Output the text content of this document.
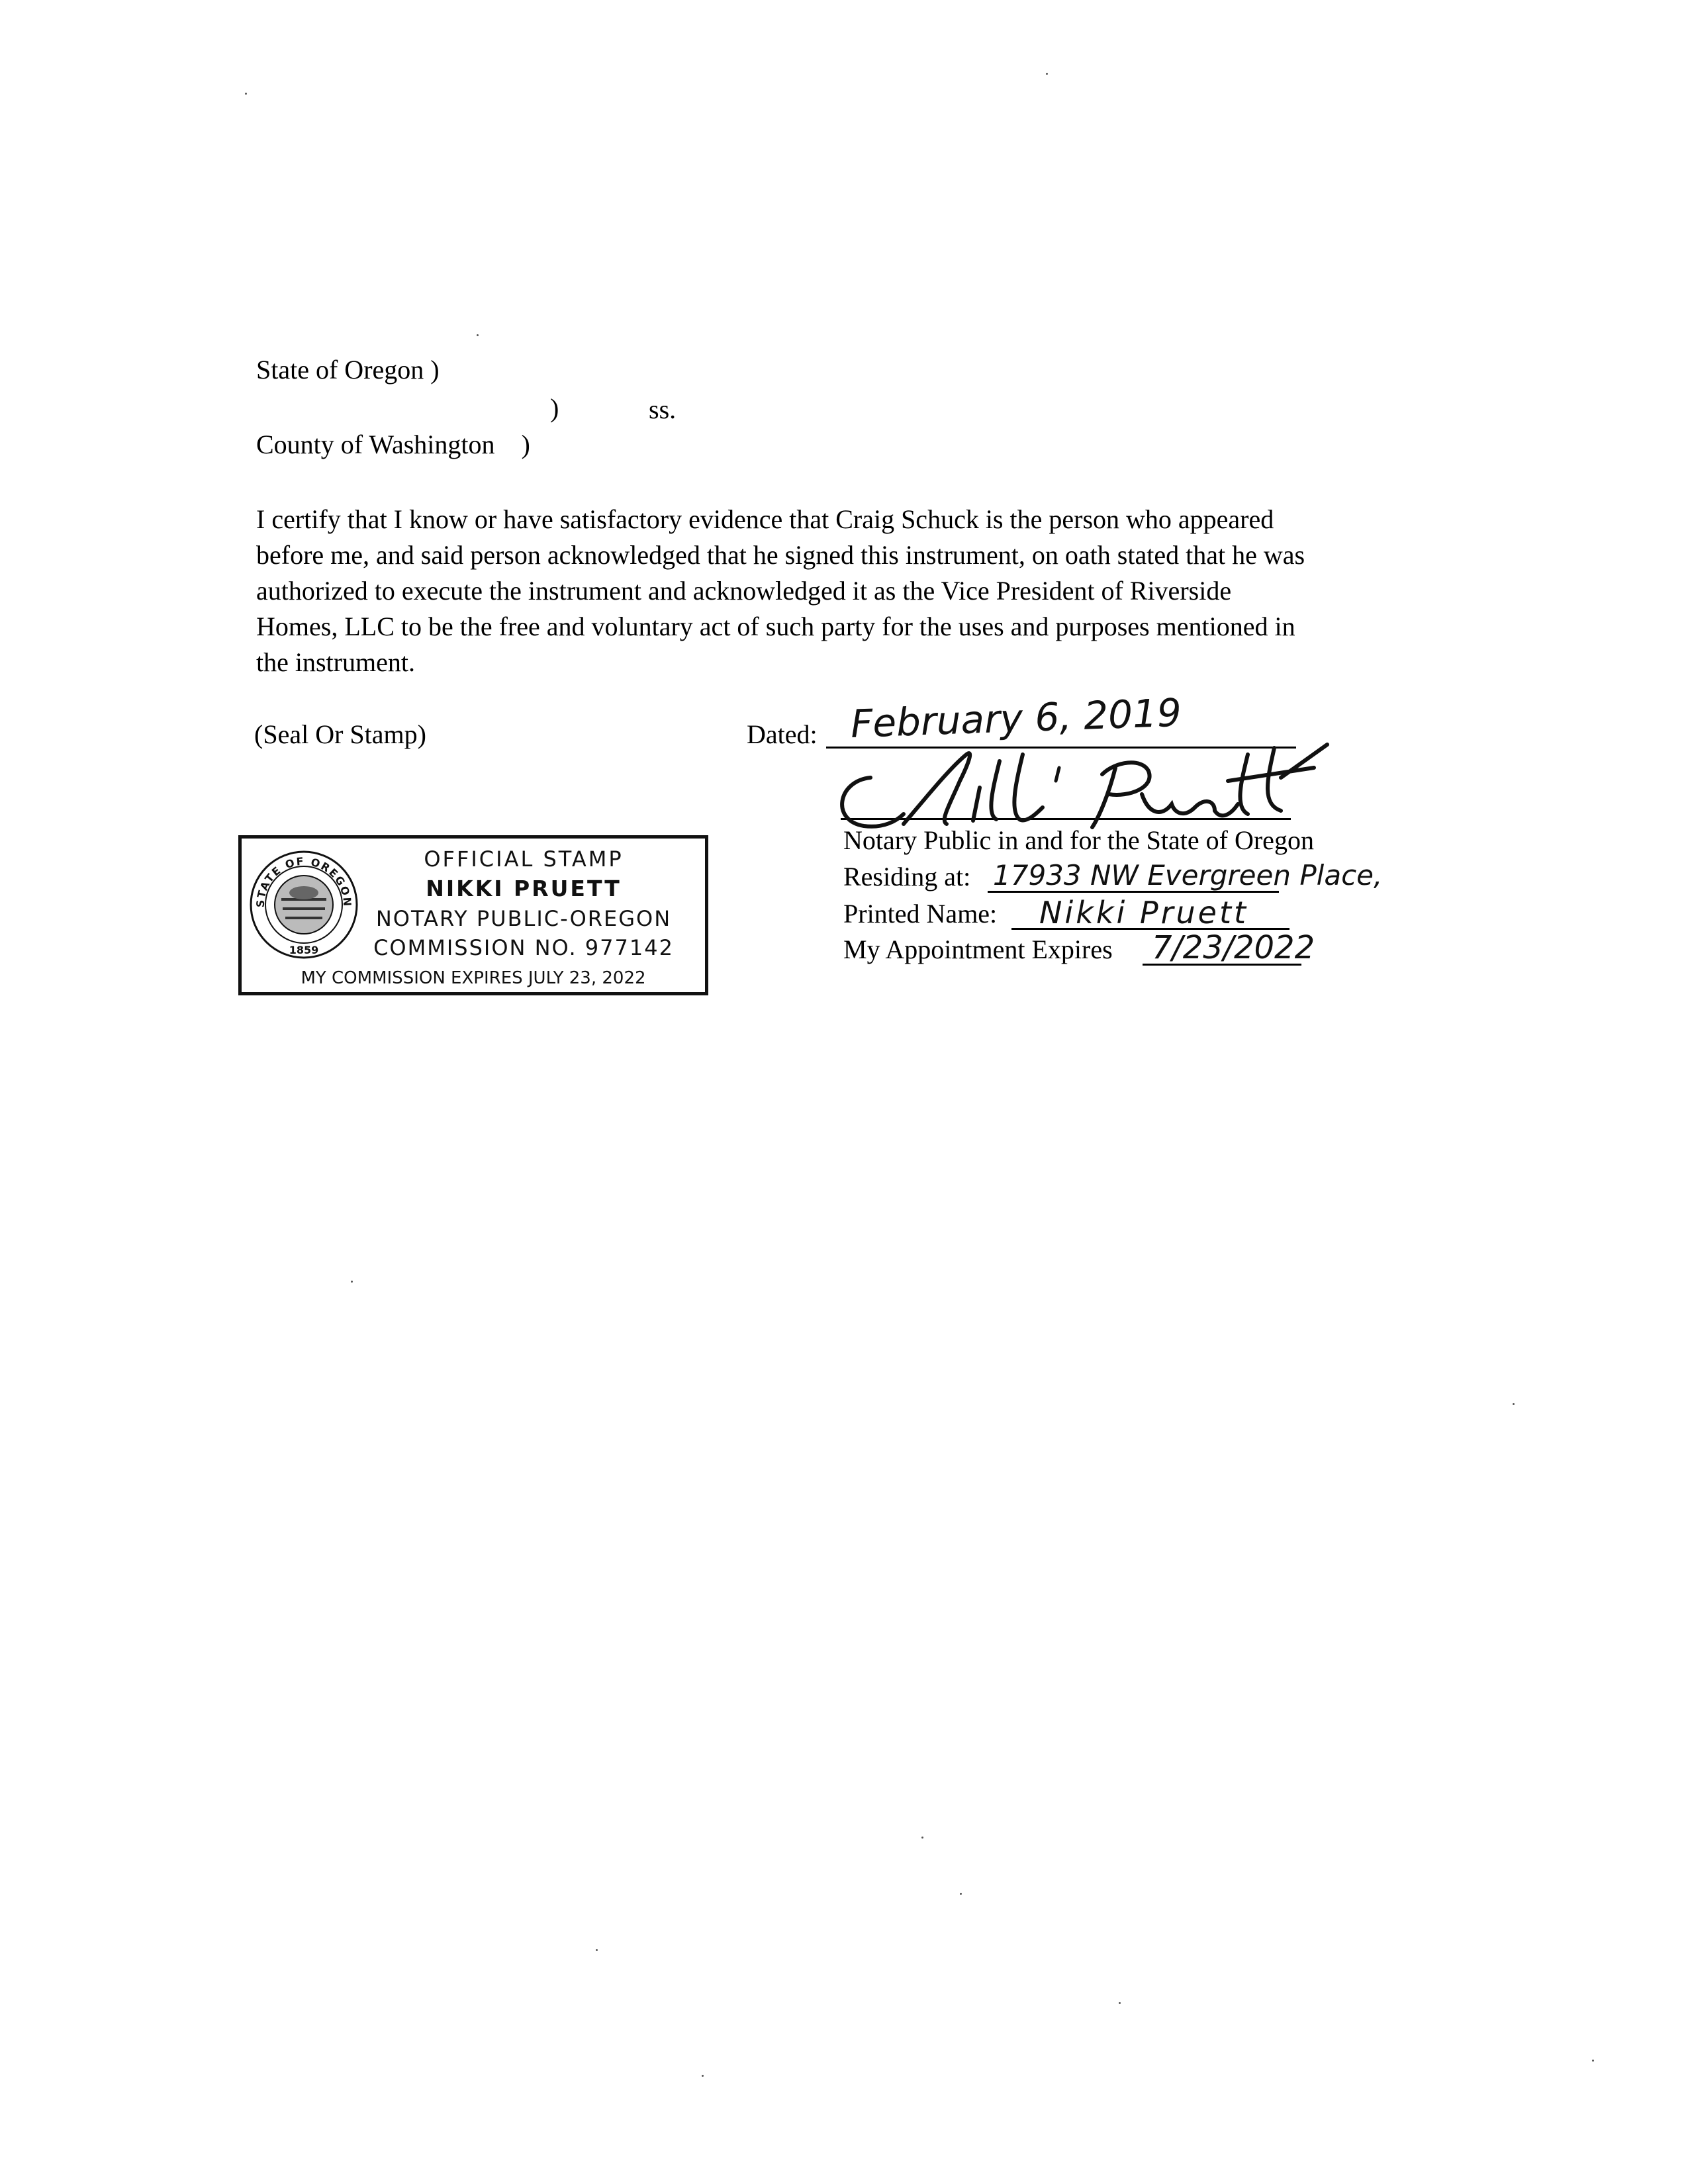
State of Oregon )
)	ss.
County of Washington    )

I certify that I know or have satisfactory evidence that Craig Schuck is the person who appeared

before me, and said person acknowledged that he signed this instrument, on oath stated that he was

authorized to execute the instrument and acknowledged it as the Vice President of Riverside

Homes, LLC to be the free and voluntary act of such party for the uses and purposes mentioned in

the instrument.

(Seal Or Stamp)	Dated: February 6, 2019
Notary Public in and for the State of Oregon
Residing at: 17933 NW Evergreen Place,
Printed Name: Nikki Pruett
My Appointment Expires 7/23/2022
STATE OF OREGON
1859
OFFICIAL STAMP
NIKKI PRUETT
NOTARY PUBLIC-OREGON
COMMISSION NO. 977142
MY COMMISSION EXPIRES JULY 23, 2022
